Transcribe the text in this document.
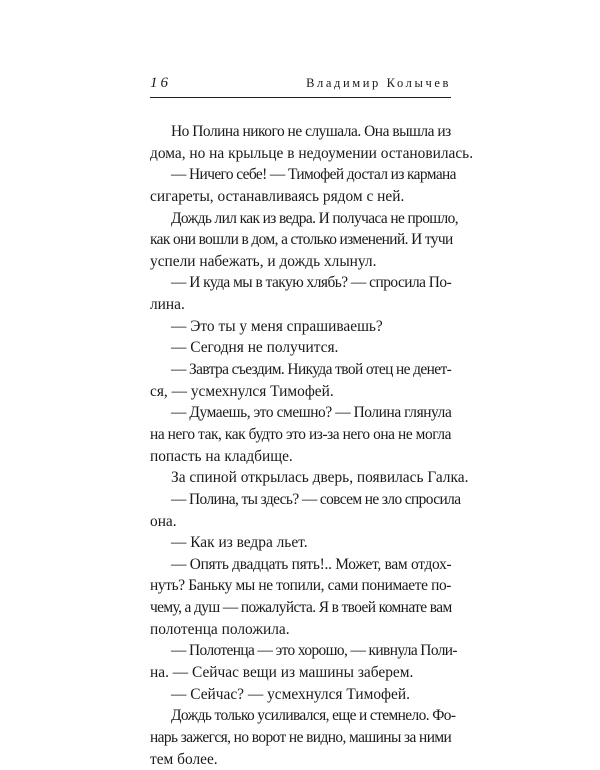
16	Владимир Колычев
Но Полина никого не слушала. Она вышла из
дома, но на крыльце в недоумении остановилась.
— Ничего себе! — Тимофей достал из кармана
сигареты, останавливаясь рядом с ней.
Дождь лил как из ведра. И получаса не прошло,
как они вошли в дом, а столько изменений. И тучи
успели набежать, и дождь хлынул.
— И куда мы в такую хлябь? — спросила По-
лина.
— Это ты у меня спрашиваешь?
— Сегодня не получится.
— Завтра съездим. Никуда твой отец не денет-
ся, — усмехнулся Тимофей.
— Думаешь, это смешно? — Полина глянула
на него так, как будто это из-за него она не могла
попасть на кладбище.
За спиной открылась дверь, появилась Галка.
— Полина, ты здесь? — совсем не зло спросила
она.
— Как из ведра льет.
— Опять двадцать пять!.. Может, вам отдох-
нуть? Баньку мы не топили, сами понимаете по-
чему, а душ — пожалуйста. Я в твоей комнате вам
полотенца положила.
— Полотенца — это хорошо, — кивнула Поли-
на. — Сейчас вещи из машины заберем.
— Сейчас? — усмехнулся Тимофей.
Дождь только усиливался, еще и стемнело. Фо-
нарь зажегся, но ворот не видно, машины за ними
тем более.
